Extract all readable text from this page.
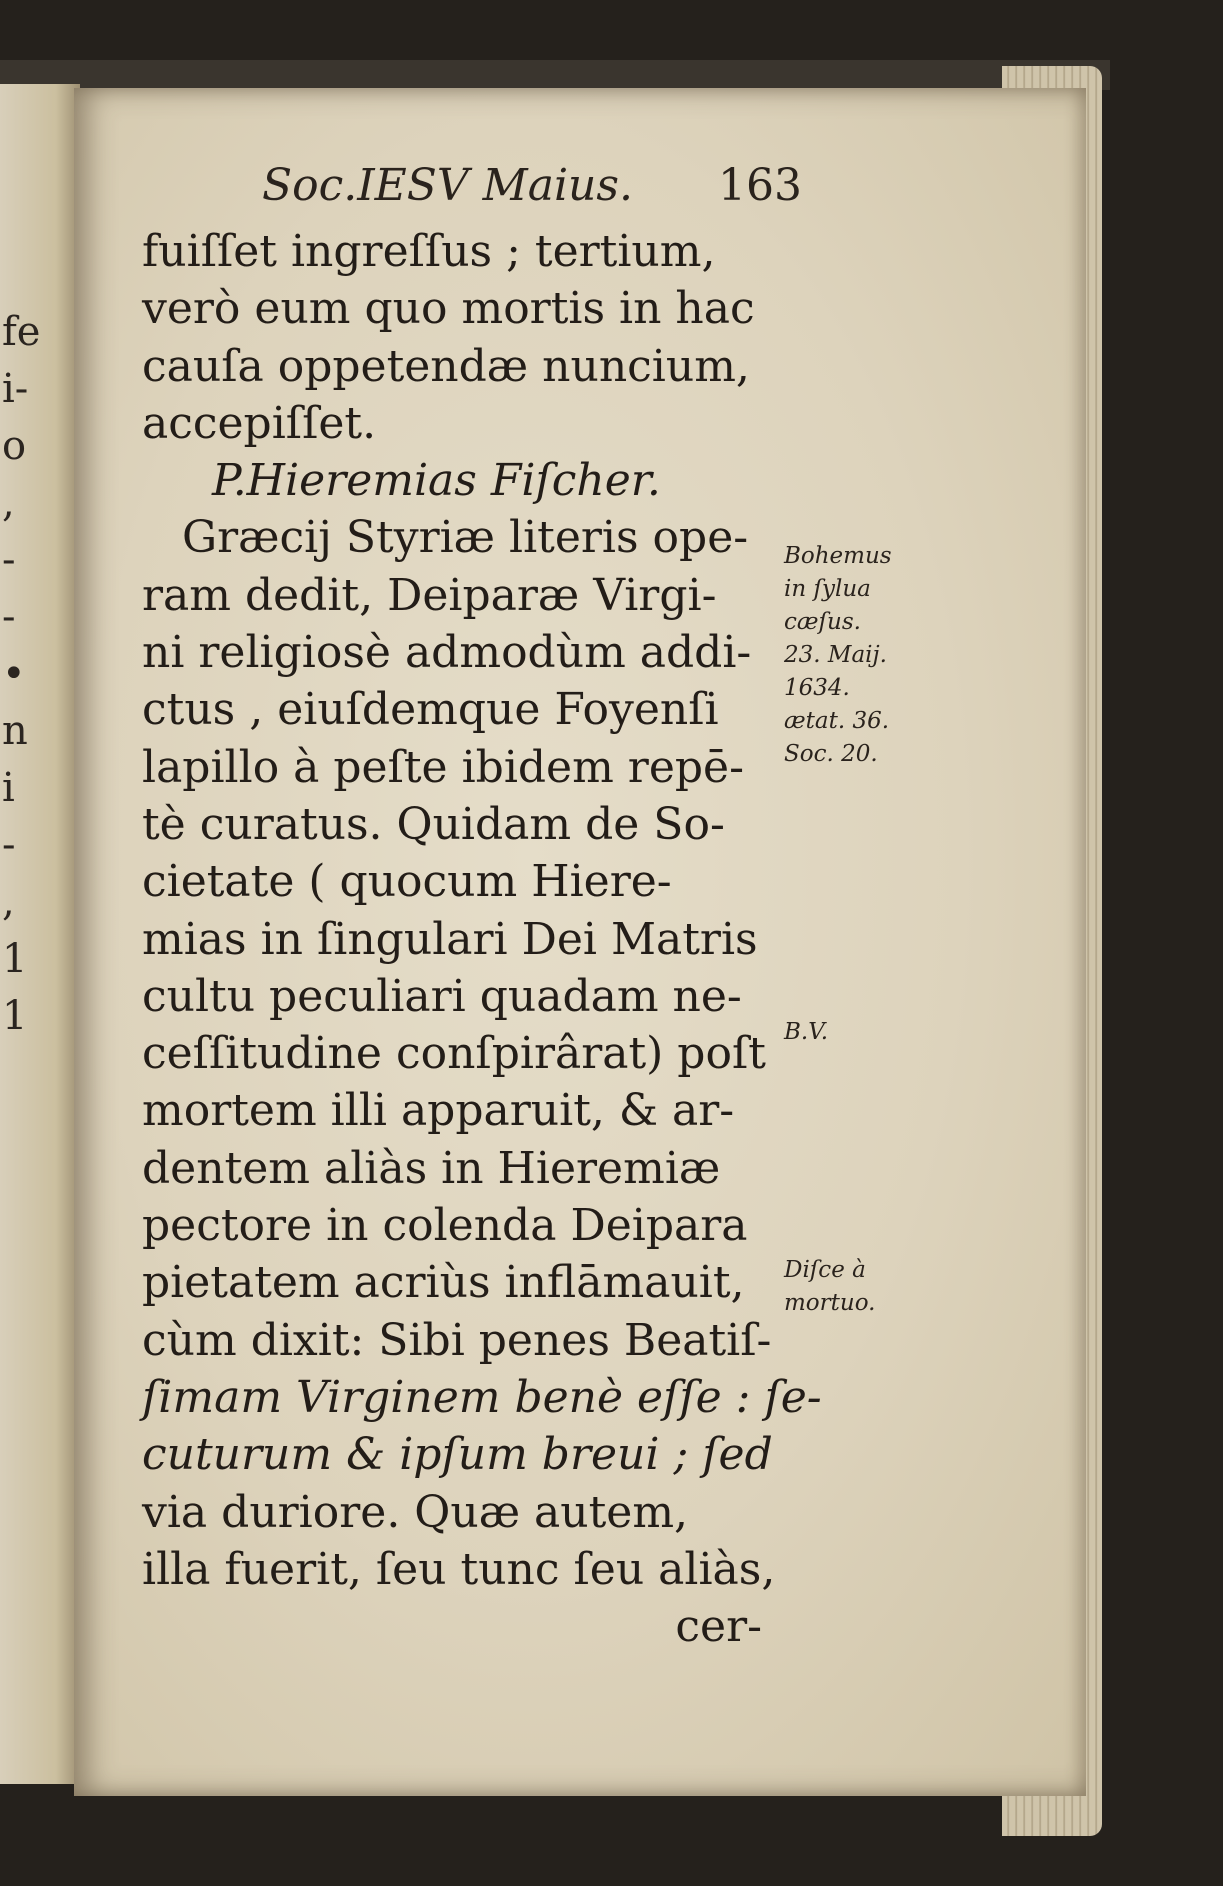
fe
i-
o
,
-
-
•
n
i
-
,
1
1
Soc.IESV Maius. 163
fuiſſet ingreſſus ; tertium,
verò eum quo mortis in hac
cauſa oppetendæ nuncium,
accepiſſet.
P.Hieremias Fiſcher.
Græcij Styriæ literis ope-
ram dedit, Deiparæ Virgi-
ni religiosè admodùm addi-
ctus , eiuſdemque Foyenſi
lapillo à peſte ibidem repē-
tè curatus. Quidam de So-
cietate ( quocum Hiere-
mias in ſingulari Dei Matris
cultu peculiari quadam ne-
ceſſitudine conſpirârat) poſt
mortem illi apparuit, & ar-
dentem aliàs in Hieremiæ
pectore in colenda Deipara
pietatem acriùs inflāmauit,
cùm dixit: Sibi penes Beatiſ-
ſimam Virginem benè eſſe : ſe-
cuturum & ipſum breui ; ſed
via duriore. Quæ autem,
illa fuerit, ſeu tunc ſeu aliàs,
cer-
Bohemus
in ſylua
cæſus.
23. Maij.
1634.
ætat. 36.
Soc. 20.
B.V.
Diſce à
mortuo.
